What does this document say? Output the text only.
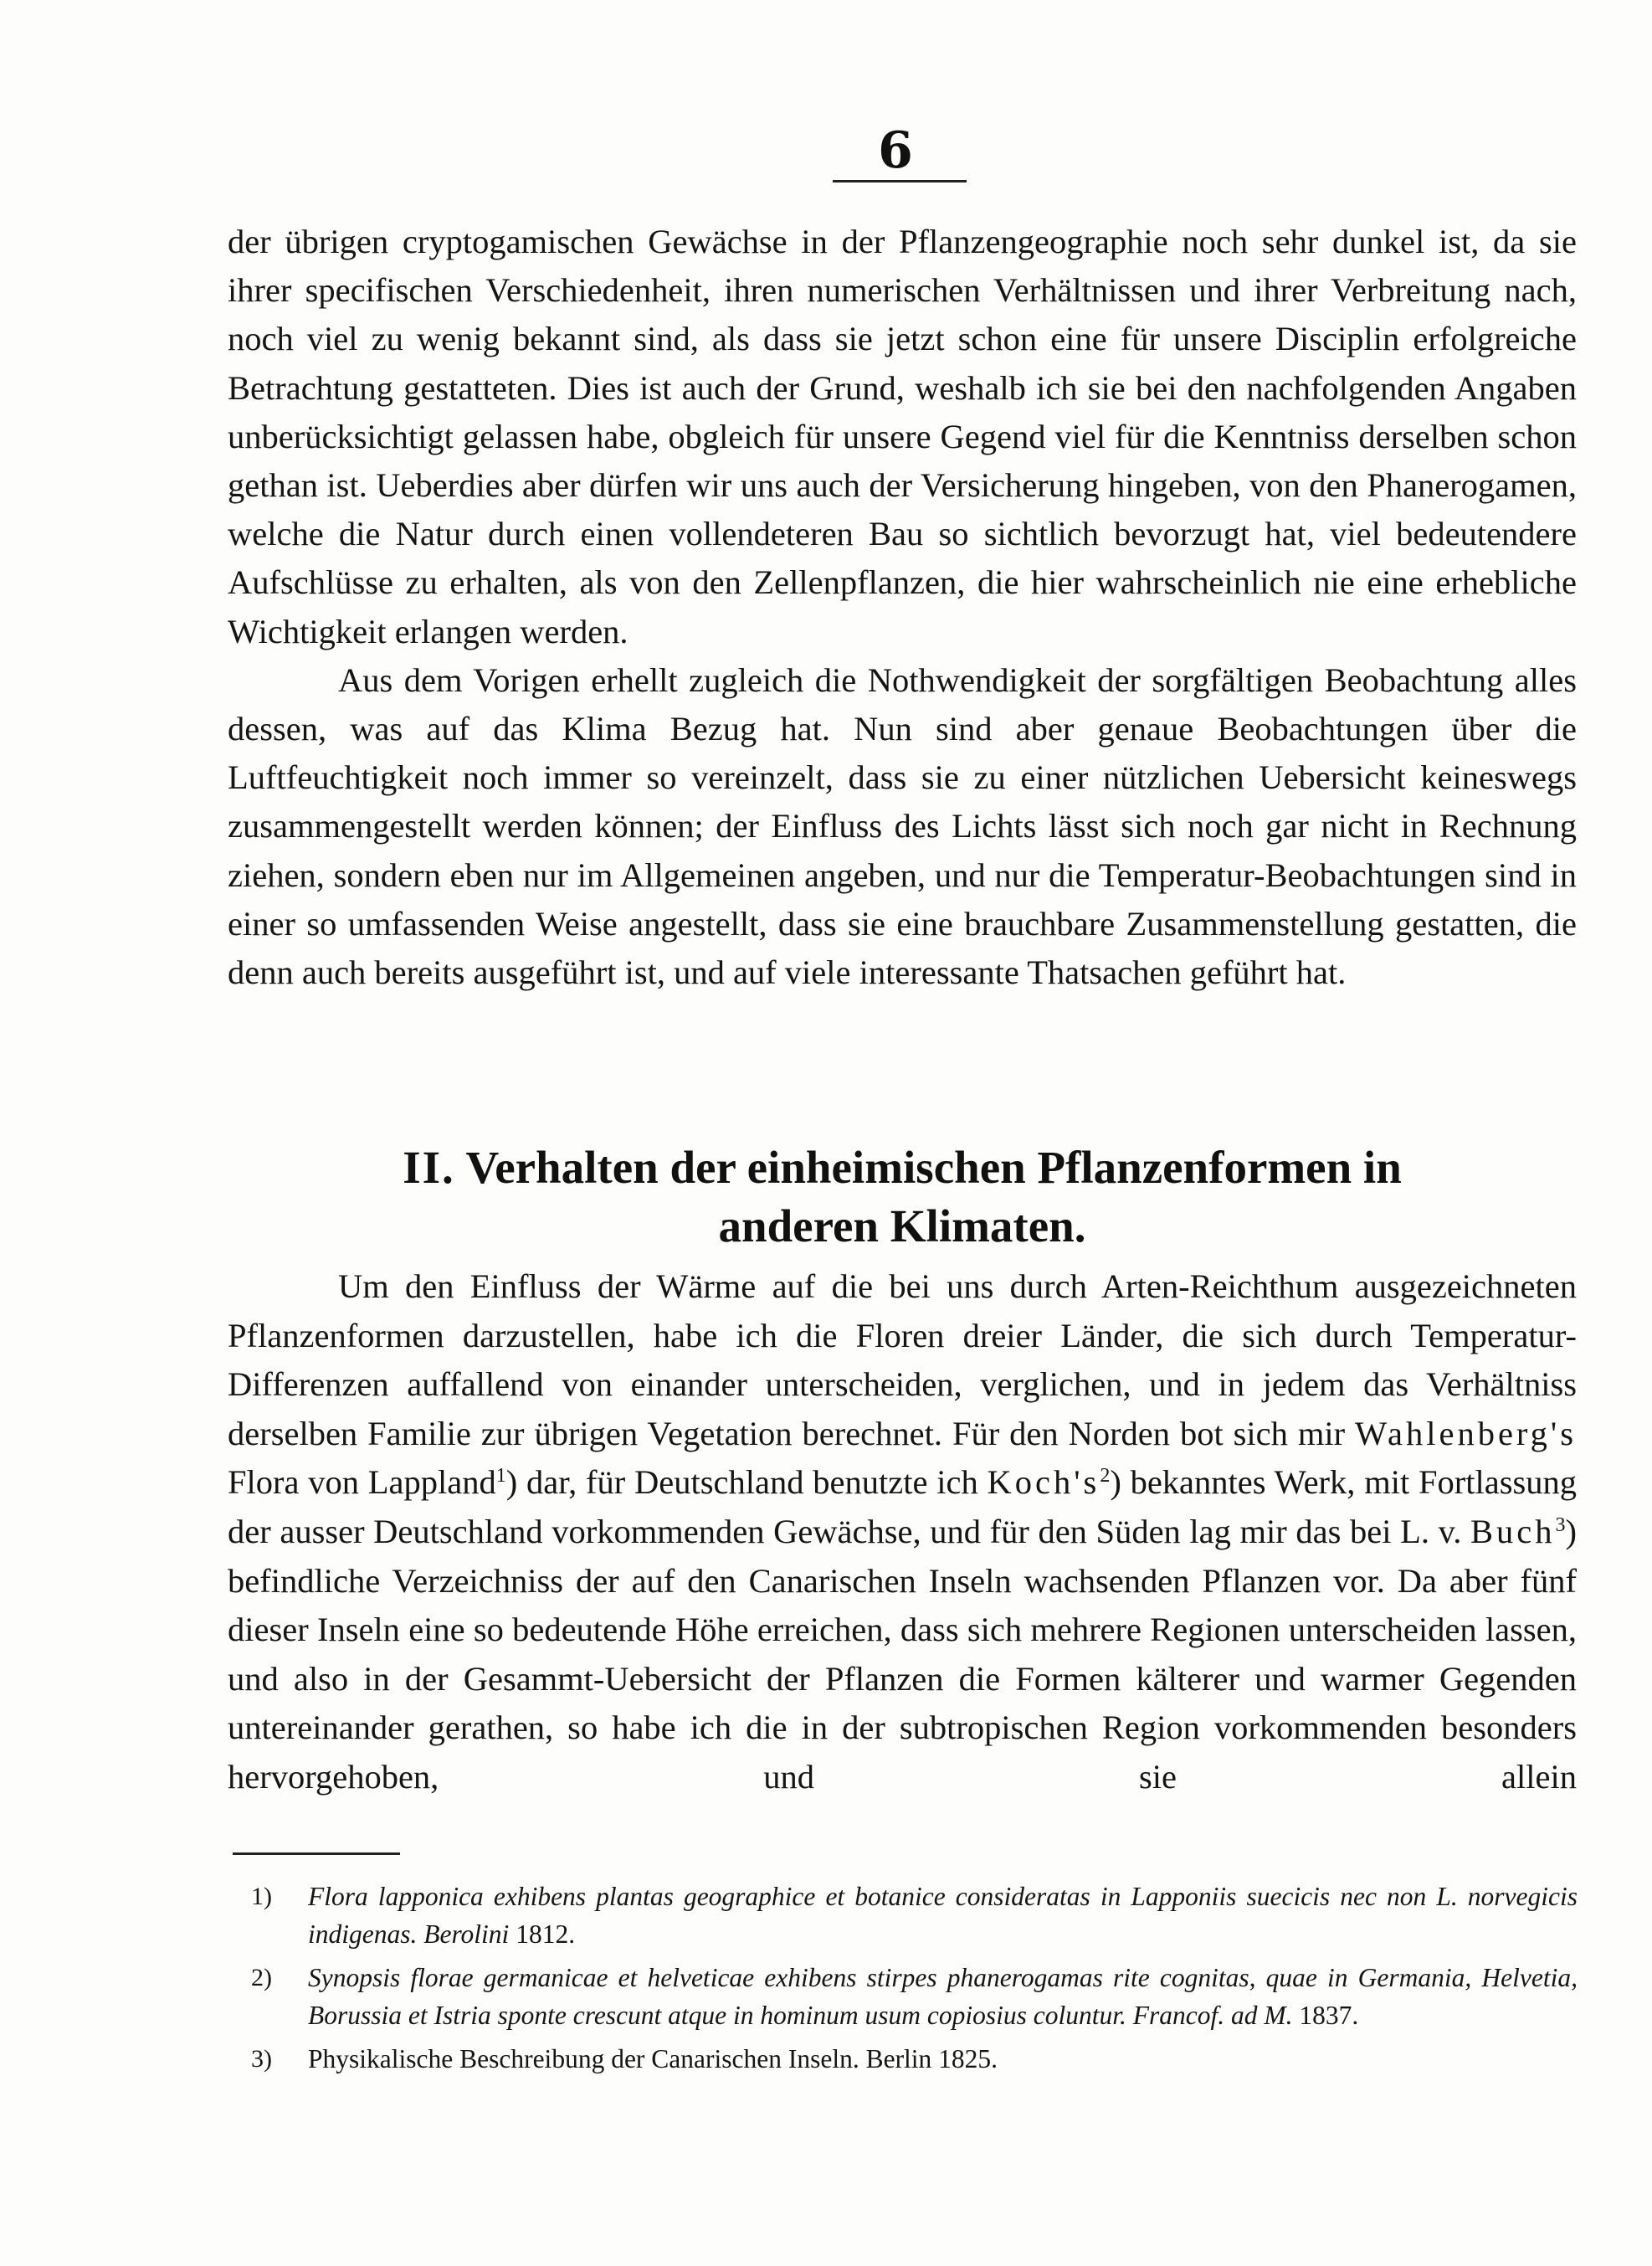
6

der übrigen cryptogamischen Gewächse in der Pflanzengeographie noch sehr dunkel ist, da sie ihrer specifischen Verschiedenheit, ihren numerischen Verhältnissen und ihrer Verbreitung nach, noch viel zu wenig bekannt sind, als dass sie jetzt schon eine für unsere Disciplin erfolgreiche Betrachtung gestatteten. Dies ist auch der Grund, weshalb ich sie bei den nachfolgenden Angaben unberücksichtigt gelassen habe, obgleich für unsere Gegend viel für die Kenntniss derselben schon gethan ist. Ueberdies aber dürfen wir uns auch der Versicherung hingeben, von den Phanerogamen, welche die Natur durch einen vollendeteren Bau so sichtlich bevorzugt hat, viel bedeutendere Aufschlüsse zu erhalten, als von den Zellenpflanzen, die hier wahrscheinlich nie eine erhebliche Wichtigkeit erlangen werden.

Aus dem Vorigen erhellt zugleich die Nothwendigkeit der sorgfältigen Beobachtung alles dessen, was auf das Klima Bezug hat. Nun sind aber genaue Beobachtungen über die Luftfeuchtigkeit noch immer so vereinzelt, dass sie zu einer nützlichen Uebersicht keineswegs zusammengestellt werden können; der Einfluss des Lichts lässt sich noch gar nicht in Rechnung ziehen, sondern eben nur im Allgemeinen angeben, und nur die Temperatur-Beobachtungen sind in einer so umfassenden Weise angestellt, dass sie eine brauchbare Zusammenstellung gestatten, die denn auch bereits ausgeführt ist, und auf viele interessante Thatsachen geführt hat.

II. Verhalten der einheimischen Pflanzenformen in
anderen Klimaten.

Um den Einfluss der Wärme auf die bei uns durch Arten-Reichthum ausgezeichneten Pflanzenformen darzustellen, habe ich die Floren dreier Länder, die sich durch Temperatur-Differenzen auffallend von einander unterscheiden, verglichen, und in jedem das Verhältniss derselben Familie zur übrigen Vegetation berechnet. Für den Norden bot sich mir Wahlenberg's Flora von Lappland$^1$) dar, für Deutschland benutzte ich $Koch's^2$) bekanntes Werk, mit Fortlassung der ausser Deutschland vorkommenden Gewächse, und für den Süden lag mir das bei L. v. Buch$^3$) befindliche Verzeichniss der auf den Canarischen Inseln wachsenden Pflanzen vor. Da aber fünf dieser Inseln eine so bedeutende Höhe erreichen, dass sich mehrere Regionen unterscheiden lassen, und also in der Gesammt-Uebersicht der Pflanzen die Formen kälterer und warmer Gegenden untereinander gerathen, so habe ich die in der subtropischen Region vorkommenden besonders hervorgehoben, und sie allein

1) Flora lapponica exhibens plantas geographice et botanice consideratas in Lapponiis suecicis nec non L. norvegicis indigenas. Berolini 1812.
2) Synopsis florae germanicae et helveticae exhibens stirpes phanerogamas rite cognitas, quae in Germania, Helvetia, Borussia et Istria sponte crescunt atque in hominum usum copiosius coluntur. Francof. ad M. 1837.
3) Physikalische Beschreibung der Canarischen Inseln. Berlin 1825.
